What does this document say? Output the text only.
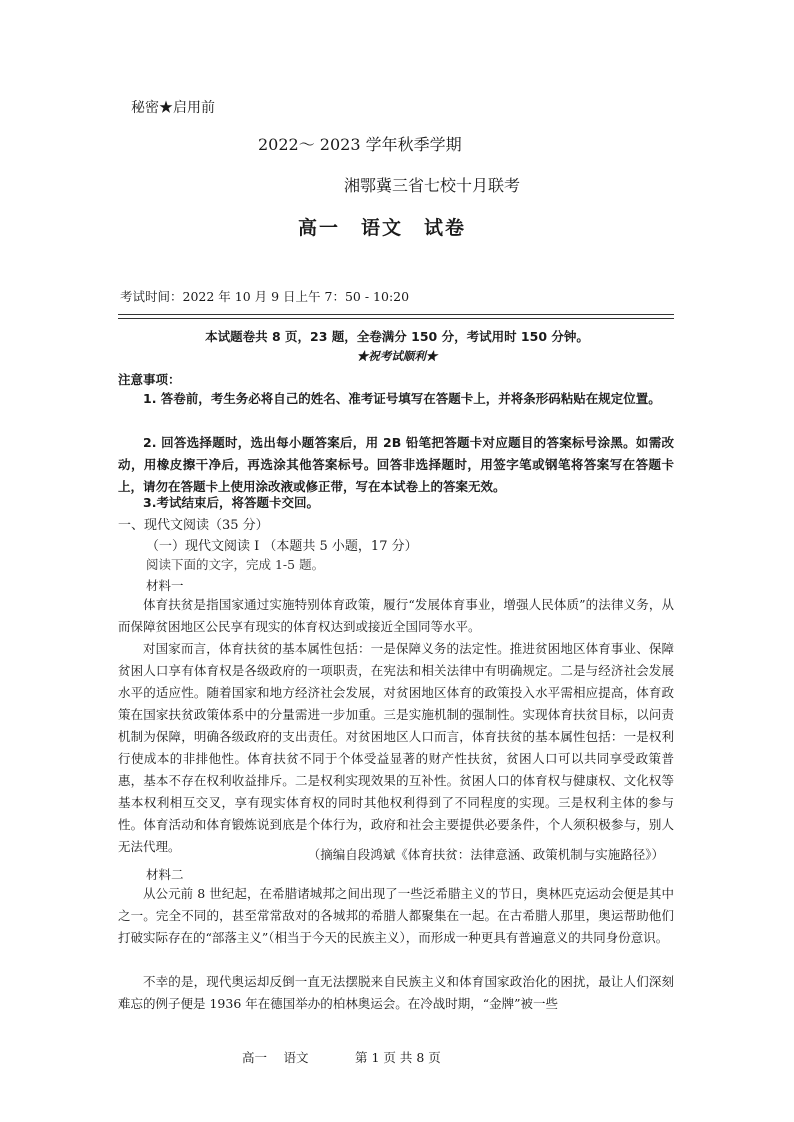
秘密★启用前
2022～ 2023 学年秋季学期
湘鄂冀三省七校十月联考
高一　语文　试卷
考试时间：2022 年 10 月 9 日上午 7：50 - 10:20
本试题卷共 8 页，23 题，全卷满分 150 分，考试用时 150 分钟。
★祝考试顺利★
注意事项：

1. 答卷前，考生务必将自己的姓名、准考证号填写在答题卡上，并将条形码粘贴在规定位置。

2. 回答选择题时，选出每小题答案后，用 2B 铅笔把答题卡对应题目的答案标号涂黑。如需改动，用橡皮擦干净后，再选涂其他答案标号。回答非选择题时，用签字笔或钢笔将答案写在答题卡上，请勿在答题卡上使用涂改液或修正带，写在本试卷上的答案无效。

3.考试结束后，将答题卡交回。

一、现代文阅读（35 分）
（一）现代文阅读 I （本题共 5 小题，17 分）
阅读下面的文字，完成 1-5 题。
材料一

体育扶贫是指国家通过实施特别体育政策，履行“发展体育事业，增强人民体质”的法律义务，从而保障贫困地区公民享有现实的体育权达到或接近全国同等水平。

对国家而言，体育扶贫的基本属性包括：一是保障义务的法定性。推进贫困地区体育事业、保障贫困人口享有体育权是各级政府的一项职责，在宪法和相关法律中有明确规定。二是与经济社会发展水平的适应性。随着国家和地方经济社会发展，对贫困地区体育的政策投入水平需相应提高，体育政策在国家扶贫政策体系中的分量需进一步加重。三是实施机制的强制性。实现体育扶贫目标，以问责机制为保障，明确各级政府的支出责任。对贫困地区人口而言，体育扶贫的基本属性包括：一是权利行使成本的非排他性。体育扶贫不同于个体受益显著的财产性扶贫，贫困人口可以共同享受政策普惠，基本不存在权利收益排斥。二是权利实现效果的互补性。贫困人口的体育权与健康权、文化权等基本权利相互交叉，享有现实体育权的同时其他权利得到了不同程度的实现。三是权利主体的参与性。体育活动和体育锻炼说到底是个体行为，政府和社会主要提供必要条件，个人须积极参与，别人无法代理。

（摘编自段鸿斌《体育扶贫：法律意涵、政策机制与实施路径》）
材料二

从公元前 8 世纪起，在希腊诸城邦之间出现了一些泛希腊主义的节日，奥林匹克运动会便是其中之一。完全不同的，甚至常常敌对的各城邦的希腊人都聚集在一起。在古希腊人那里，奥运帮助他们打破实际存在的“部落主义”（相当于今天的民族主义），而形成一种更具有普遍意义的共同身份意识。

不幸的是，现代奥运却反倒一直无法摆脱来自民族主义和体育国家政治化的困扰，最让人们深刻难忘的例子便是 1936 年在德国举办的柏林奥运会。在冷战时期，“金牌”被一些

高一　 语文	第 1 页 共 8 页
